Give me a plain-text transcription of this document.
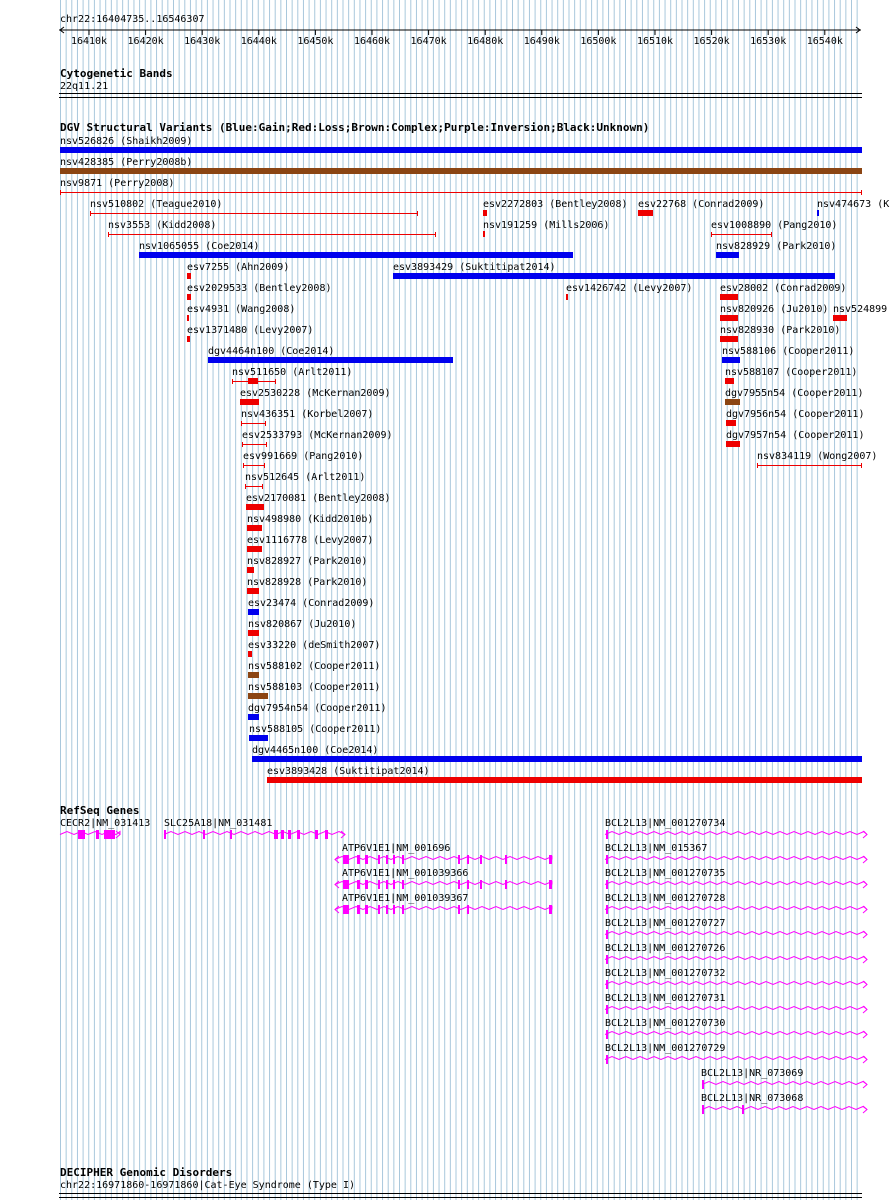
chr22:16404735..16546307
16410k 16420k 16430k 16440k 16450k 16460k 16470k 16480k 16490k 16500k 16510k 16520k 16530k 16540k
Cytogenetic Bands
22q11.21
DGV Structural Variants (Blue:Gain;Red:Loss;Brown:Complex;Purple:Inversion;Black:Unknown)
nsv526826 (Shaikh2009)
nsv428385 (Perry2008b)
nsv9871 (Perry2008)
nsv510802 (Teague2010)	esv2272803 (Bentley2008) esv22768 (Conrad2009)	nsv474673 (K
nsv3553 (Kidd2008)	nsv191259 (Mills2006)	esv1008890 (Pang2010)
nsv1065055 (Coe2014)	nsv828929 (Park2010)
esv7255 (Ahn2009)	esv3893429 (Suktitipat2014)
esv2029533 (Bentley2008)	esv1426742 (Levy2007)	esv28002 (Conrad2009)
esv4931 (Wang2008)	nsv820926 (Ju2010) nsv524899
esv1371480 (Levy2007)	nsv828930 (Park2010)
dgv4464n100 (Coe2014)	nsv588106 (Cooper2011)
nsv511650 (Arlt2011)	nsv588107 (Cooper2011)
esv2530228 (McKernan2009)	dgv7955n54 (Cooper2011)
nsv436351 (Korbel2007)	dgv7956n54 (Cooper2011)
esv2533793 (McKernan2009)	dgv7957n54 (Cooper2011)
esv991669 (Pang2010)	nsv834119 (Wong2007)
nsv512645 (Arlt2011)
esv2170081 (Bentley2008)
nsv498980 (Kidd2010b)
esv1116778 (Levy2007)
nsv828927 (Park2010)
nsv828928 (Park2010)
esv23474 (Conrad2009)
nsv820867 (Ju2010)
esv33220 (deSmith2007)
nsv588102 (Cooper2011)
nsv588103 (Cooper2011)
dgv7954n54 (Cooper2011)
nsv588105 (Cooper2011)
dgv4465n100 (Coe2014)
esv3893428 (Suktitipat2014)
RefSeq Genes
CECR2|NM_031413 SLC25A18|NM_031481
ATP6V1E1|NM_001696
ATP6V1E1|NM_001039366
ATP6V1E1|NM_001039367
BCL2L13|NM_001270734
BCL2L13|NM_015367
BCL2L13|NM_001270735
BCL2L13|NM_001270728
BCL2L13|NM_001270727
BCL2L13|NM_001270726
BCL2L13|NM_001270732
BCL2L13|NM_001270731
BCL2L13|NM_001270730
BCL2L13|NM_001270729
BCL2L13|NR_073069
BCL2L13|NR_073068
DECIPHER Genomic Disorders
chr22:16971860-16971860|Cat-Eye Syndrome (Type I)
